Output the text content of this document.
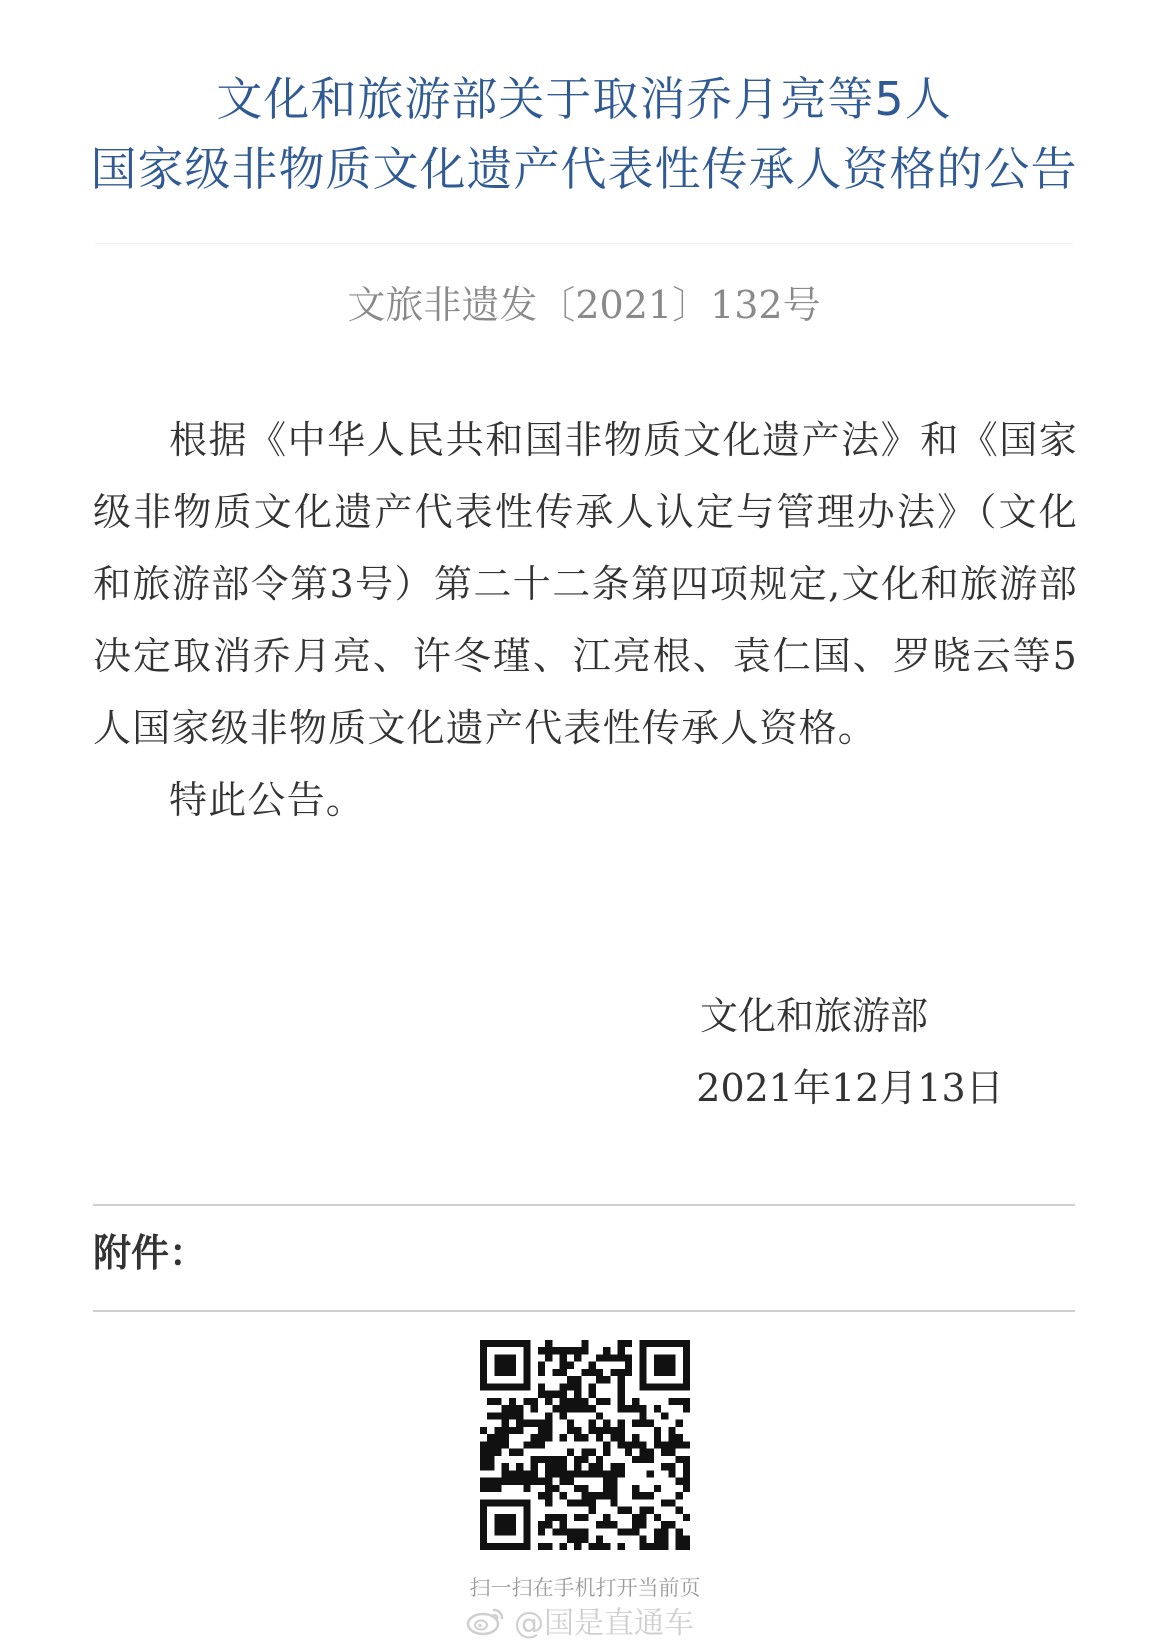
文化和旅游部关于取消乔月亮等5人
国家级非物质文化遗产代表性传承人资格的公告
文旅非遗发〔2021〕132号

根据《中华人民共和国非物质文化遗产法》和《国家级非物质文化遗产代表性传承人认定与管理办法》（文化和旅游部令第3号）第二十二条第四项规定,文化和旅游部决定取消乔月亮、许冬瑾、江亮根、袁仁国、罗晓云等5人国家级非物质文化遗产代表性传承人资格。

特此公告。

文化和旅游部
2021年12月13日
附件：
扫一扫在手机打开当前页
@国是直通车
